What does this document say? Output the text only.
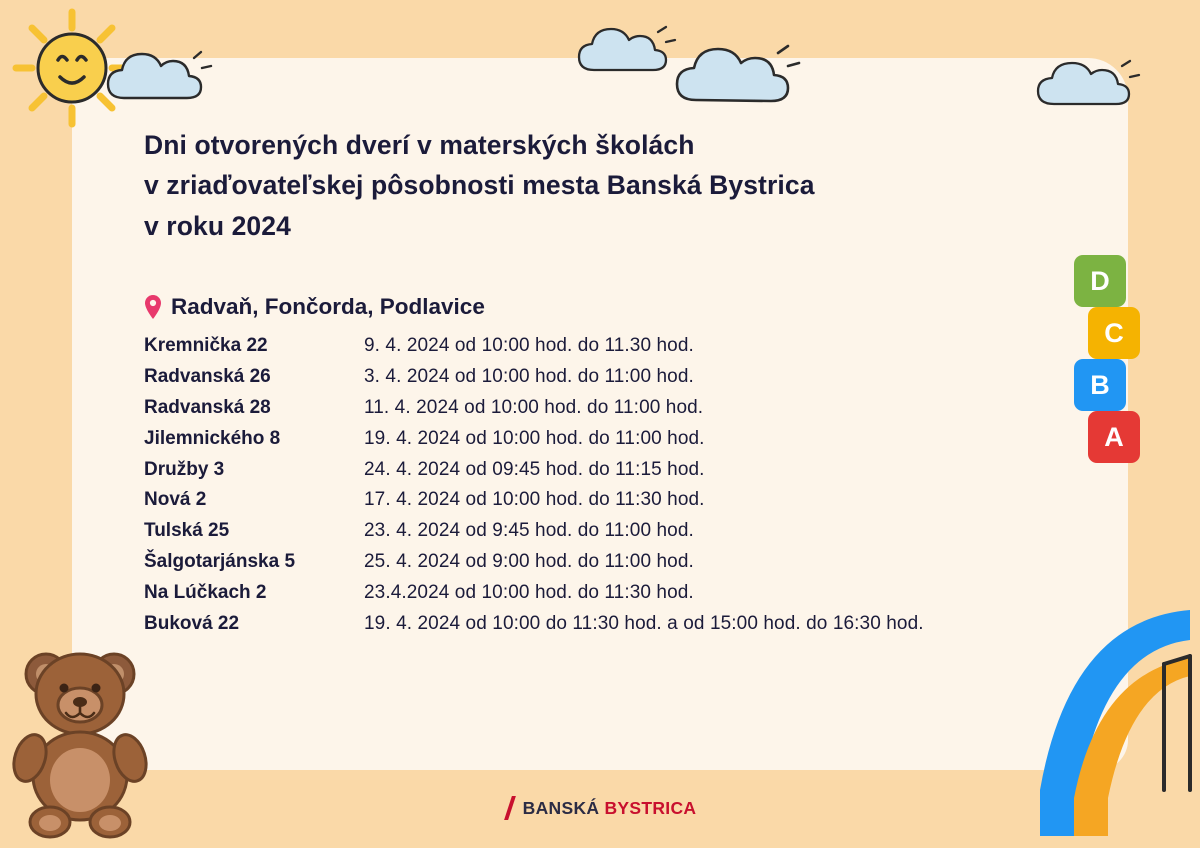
D
C
B
A
Dni otvorených dverí v materských školách
v zriaďovateľskej pôsobnosti mesta Banská Bystrica
v roku 2024
Radvaň, Fončorda, Podlavice
Kremnička 22	9. 4. 2024 od 10:00 hod. do 11.30 hod.
Radvanská 26	3. 4. 2024 od 10:00 hod. do 11:00 hod.
Radvanská 28	11. 4. 2024 od 10:00 hod. do 11:00 hod.
Jilemnického 8	19. 4. 2024 od 10:00 hod. do 11:00 hod.
Družby 3	24. 4. 2024 od 09:45 hod. do 11:15 hod.
Nová 2	17. 4. 2024 od 10:00 hod. do 11:30 hod.
Tulská 25	23. 4. 2024 od 9:45 hod. do 11:00 hod.
Šalgotarjánska 5	25. 4. 2024 od 9:00 hod. do 11:00 hod.
Na Lúčkach 2	23.4.2024 od 10:00 hod. do 11:30 hod.
Buková 22	19. 4. 2024 od 10:00 do 11:30 hod. a od 15:00 hod. do 16:30 hod.
BANSKÁ BYSTRICA
